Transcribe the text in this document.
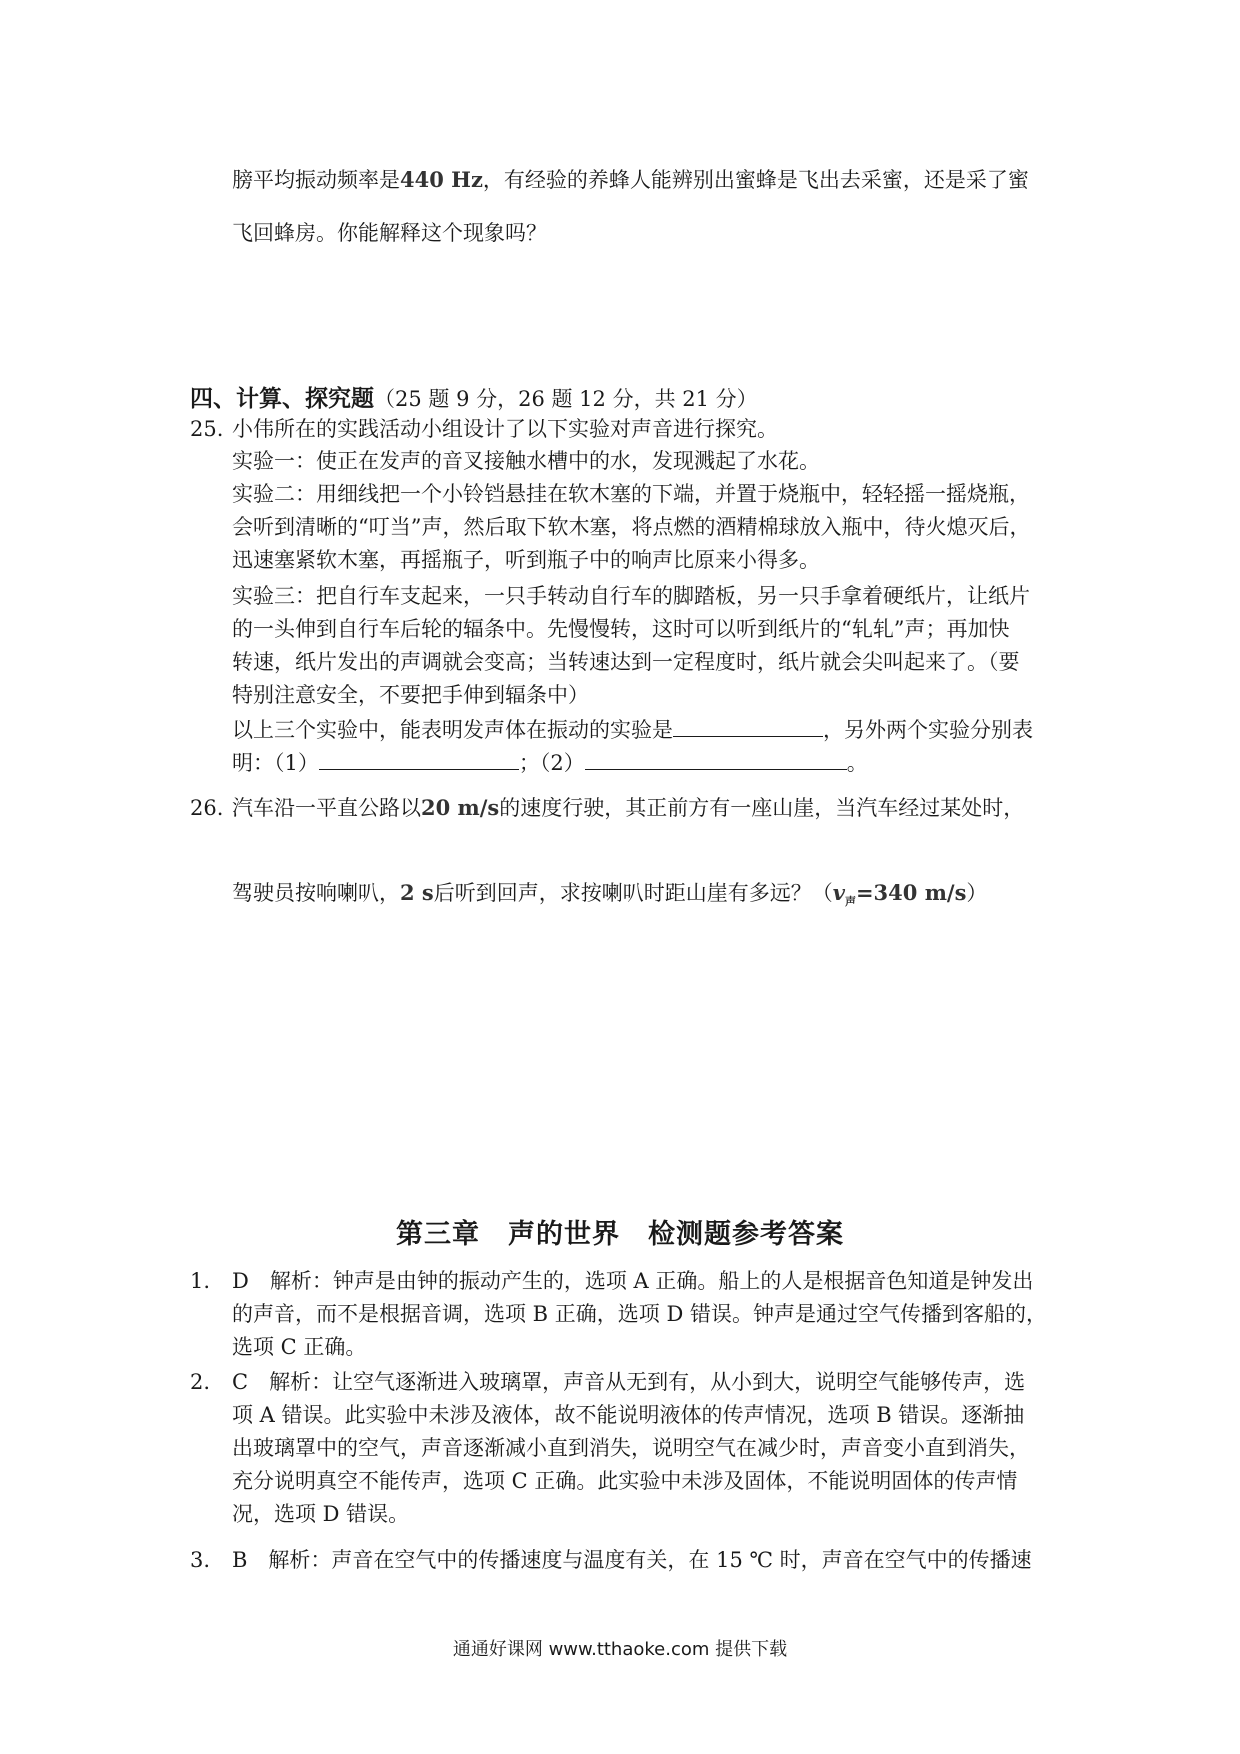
膀平均振动频率是440 Hz，有经验的养蜂人能辨别出蜜蜂是飞出去采蜜，还是采了蜜
飞回蜂房。你能解释这个现象吗？
四、计算、探究题（25 题 9 分，26 题 12 分，共 21 分）
25. 小伟所在的实践活动小组设计了以下实验对声音进行探究。
实验一：使正在发声的音叉接触水槽中的水，发现溅起了水花。
实验二：用细线把一个小铃铛悬挂在软木塞的下端，并置于烧瓶中，轻轻摇一摇烧瓶，
会听到清晰的“叮当”声，然后取下软木塞，将点燃的酒精棉球放入瓶中，待火熄灭后，
迅速塞紧软木塞，再摇瓶子，听到瓶子中的响声比原来小得多。
实验三：把自行车支起来，一只手转动自行车的脚踏板，另一只手拿着硬纸片，让纸片
的一头伸到自行车后轮的辐条中。先慢慢转，这时可以听到纸片的“轧轧”声；再加快
转速，纸片发出的声调就会变高；当转速达到一定程度时，纸片就会尖叫起来了。（要
特别注意安全，不要把手伸到辐条中）
以上三个实验中，能表明发声体在振动的实验是	，另外两个实验分别表
明：（1）	；（2）	。
26. 汽车沿一平直公路以20 m/s的速度行驶，其正前方有一座山崖，当汽车经过某处时，
驾驶员按响喇叭，2 s后听到回声，求按喇叭时距山崖有多远？（$v_声=340$ m/s）
第三章　声的世界　检测题参考答案
1. D　解析：钟声是由钟的振动产生的，选项 A 正确。船上的人是根据音色知道是钟发出
的声音，而不是根据音调，选项 B 正确，选项 D 错误。钟声是通过空气传播到客船的，
选项 C 正确。
2. C　解析：让空气逐渐进入玻璃罩，声音从无到有，从小到大，说明空气能够传声，选
项 A 错误。此实验中未涉及液体，故不能说明液体的传声情况，选项 B 错误。逐渐抽
出玻璃罩中的空气，声音逐渐减小直到消失，说明空气在减少时，声音变小直到消失，
充分说明真空不能传声，选项 C 正确。此实验中未涉及固体，不能说明固体的传声情
况，选项 D 错误。
3. B　解析：声音在空气中的传播速度与温度有关，在 15 ℃ 时，声音在空气中的传播速
通通好课网 www.tthaoke.com 提供下载
